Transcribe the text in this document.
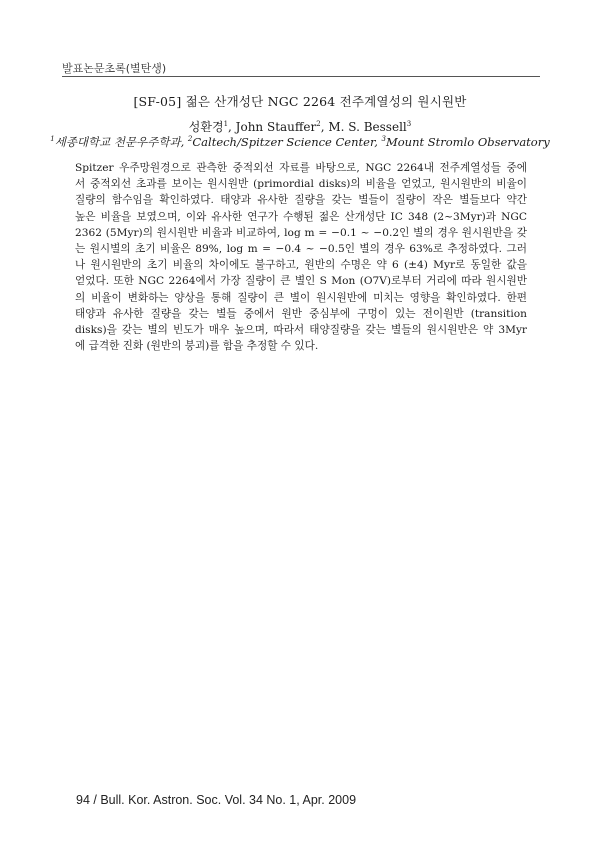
발표논문초록(별탄생)
[SF-05] 젊은 산개성단 NGC 2264 전주계열성의 원시원반
성환경$^1$, John Stauffer$^2$, M. S. Bessell$^3$
$^1$세종대학교 천문우주학과, $^2$Caltech/Spitzer Science Center, $^3$Mount Stromlo Observatory
Spitzer 우주망원경으로 관측한 중적외선 자료를 바탕으로, NGC 2264내 전주계열성들 중에
서 중적외선 초과를 보이는 원시원반 (primordial disks)의 비율을 얻었고, 원시원반의 비율이
질량의 함수임을 확인하였다. 태양과 유사한 질량을 갖는 별들이 질량이 작은 별들보다 약간
높은 비율을 보였으며, 이와 유사한 연구가 수행된 젊은 산개성단 IC 348 (2~3Myr)과 NGC
2362 (5Myr)의 원시원반 비율과 비교하여, log m = −0.1 ~ −0.2인 별의 경우 원시원반을 갖
는 원시별의 초기 비율은 89%, log m = −0.4 ~ −0.5인 별의 경우 63%로 추정하였다. 그러
나 원시원반의 초기 비율의 차이에도 불구하고, 원반의 수명은 약 6 (±4) Myr로 동일한 값을
얻었다. 또한 NGC 2264에서 가장 질량이 큰 별인 S Mon (O7V)로부터 거리에 따라 원시원반
의 비율이 변화하는 양상을 통해 질량이 큰 별이 원시원반에 미치는 영향을 확인하였다. 한편
태양과 유사한 질량을 갖는 별들 중에서 원반 중심부에 구멍이 있는 전이원반 (transition
disks)을 갖는 별의 빈도가 매우 높으며, 따라서 태양질량을 갖는 별들의 원시원반은 약 3Myr
에 급격한 진화 (원반의 붕괴)를 함을 추정할 수 있다.
94 / Bull. Kor. Astron. Soc. Vol. 34 No. 1, Apr. 2009
